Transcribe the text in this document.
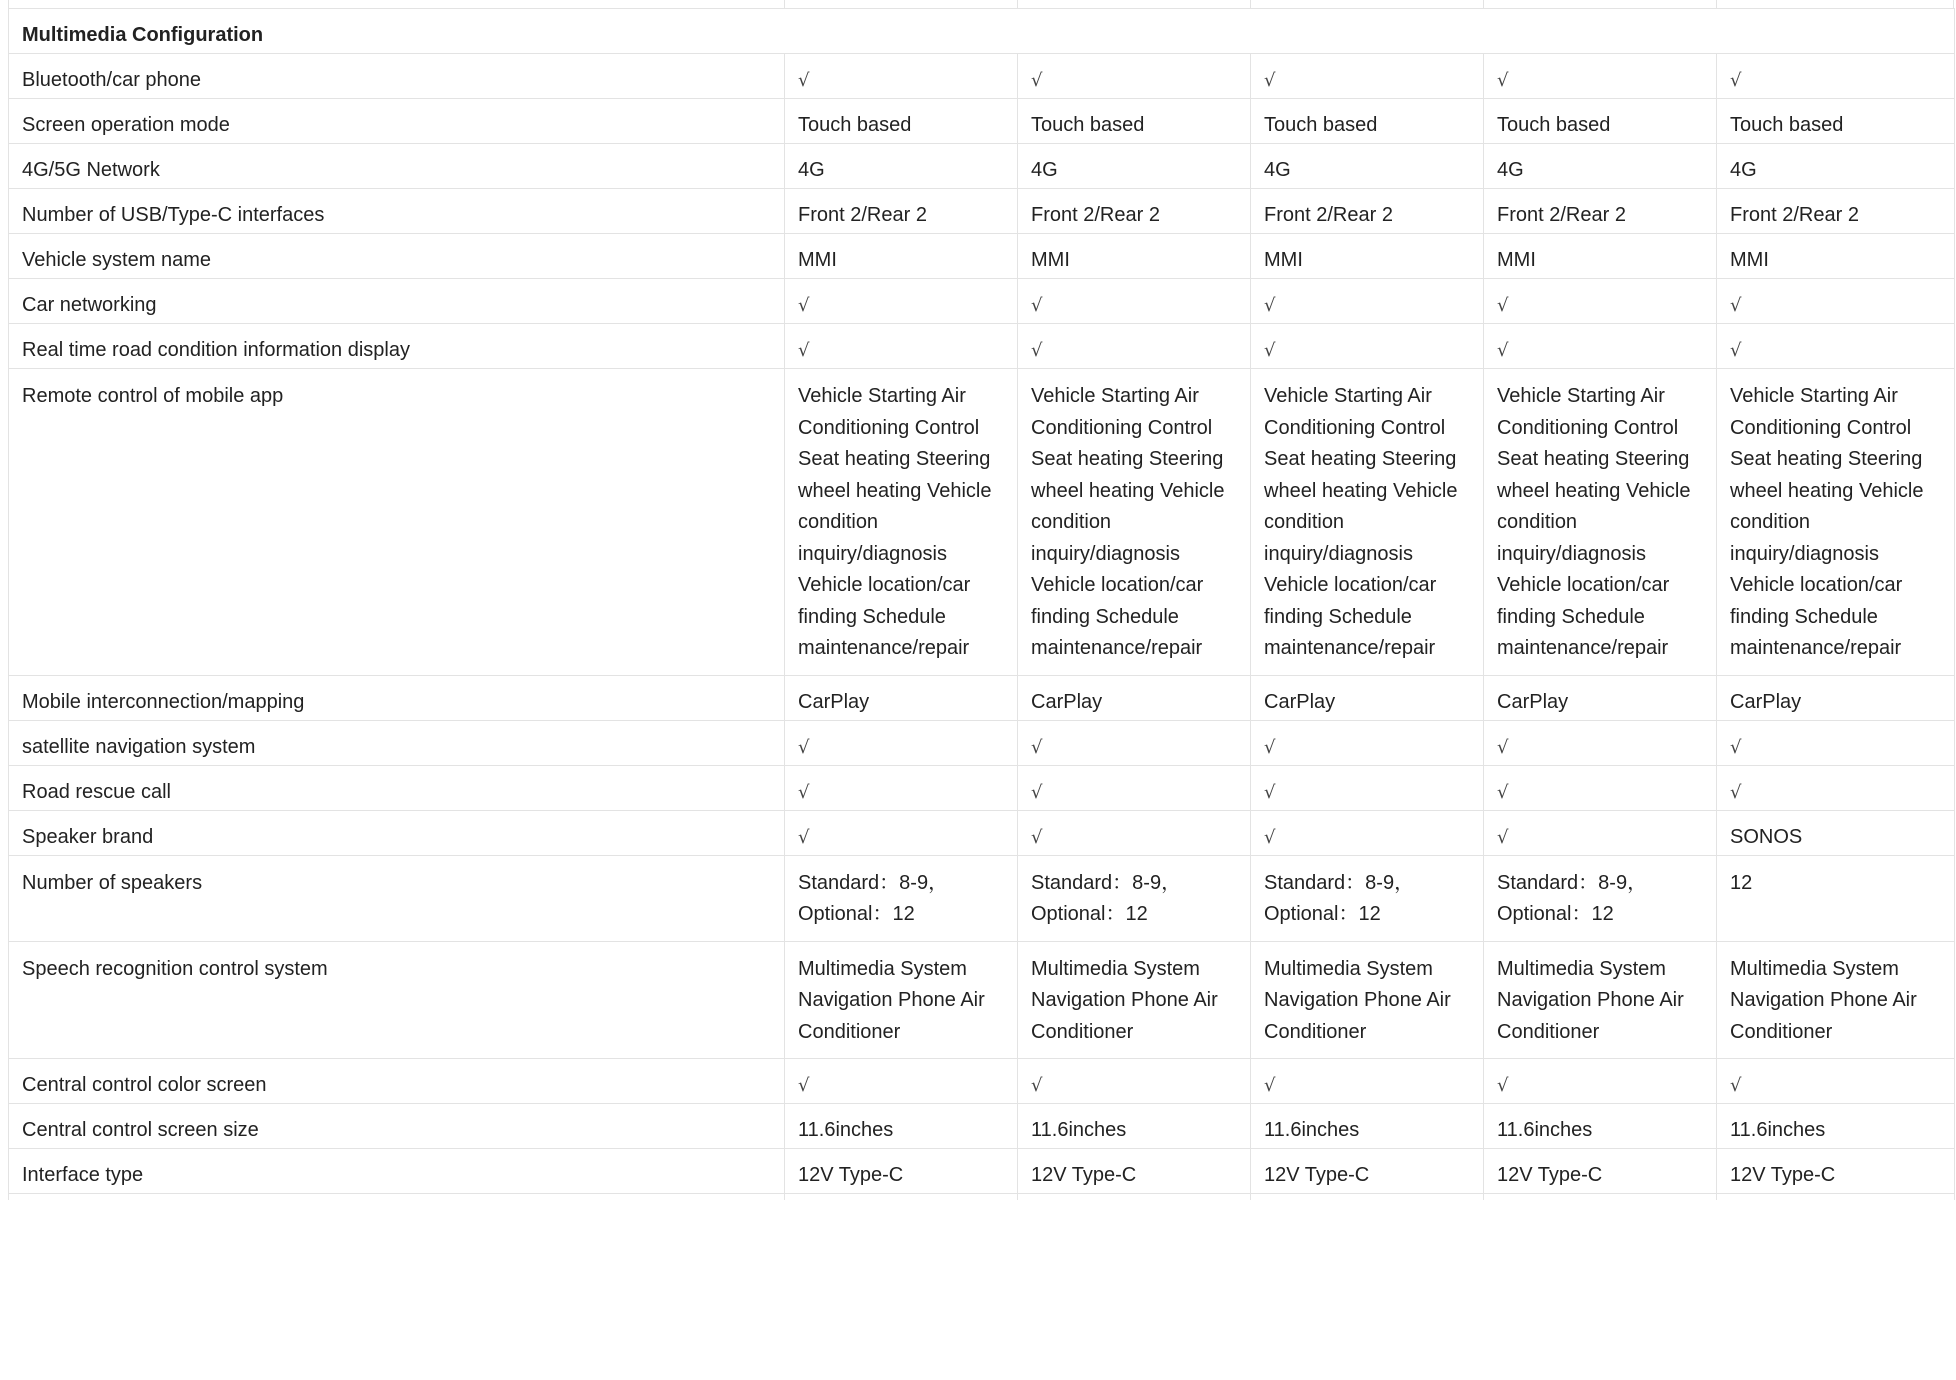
Multimedia Configuration					
Bluetooth/car phone	√	√	√	√	√
Screen operation mode	Touch based	Touch based	Touch based	Touch based	Touch based
4G/5G Network	4G	4G	4G	4G	4G
Number of USB/Type-C interfaces	Front 2/Rear 2	Front 2/Rear 2	Front 2/Rear 2	Front 2/Rear 2	Front 2/Rear 2
Vehicle system name	MMI	MMI	MMI	MMI	MMI
Car networking	√	√	√	√	√
Real time road condition information display	√	√	√	√	√
Remote control of mobile app	Vehicle Starting Air Conditioning Control Seat heating Steering wheel heating Vehicle condition inquiry/diagnosis Vehicle location/car finding Schedule maintenance/repair	Vehicle Starting Air Conditioning Control Seat heating Steering wheel heating Vehicle condition inquiry/diagnosis Vehicle location/car finding Schedule maintenance/repair	Vehicle Starting Air Conditioning Control Seat heating Steering wheel heating Vehicle condition inquiry/diagnosis Vehicle location/car finding Schedule maintenance/repair	Vehicle Starting Air Conditioning Control Seat heating Steering wheel heating Vehicle condition inquiry/diagnosis Vehicle location/car finding Schedule maintenance/repair	Vehicle Starting Air Conditioning Control Seat heating Steering wheel heating Vehicle condition inquiry/diagnosis Vehicle location/car finding Schedule maintenance/repair
Mobile interconnection/mapping	CarPlay	CarPlay	CarPlay	CarPlay	CarPlay
satellite navigation system	√	√	√	√	√
Road rescue call	√	√	√	√	√
Speaker brand	√	√	√	√	SONOS
Number of speakers	Standard：8-9，Optional：12	Standard：8-9，Optional：12	Standard：8-9，Optional：12	Standard：8-9，Optional：12	12
Speech recognition control system	Multimedia System Navigation Phone Air Conditioner	Multimedia System Navigation Phone Air Conditioner	Multimedia System Navigation Phone Air Conditioner	Multimedia System Navigation Phone Air Conditioner	Multimedia System Navigation Phone Air Conditioner
Central control color screen	√	√	√	√	√
Central control screen size	11.6inches	11.6inches	11.6inches	11.6inches	11.6inches
Interface type	12V Type-C	12V Type-C	12V Type-C	12V Type-C	12V Type-C
